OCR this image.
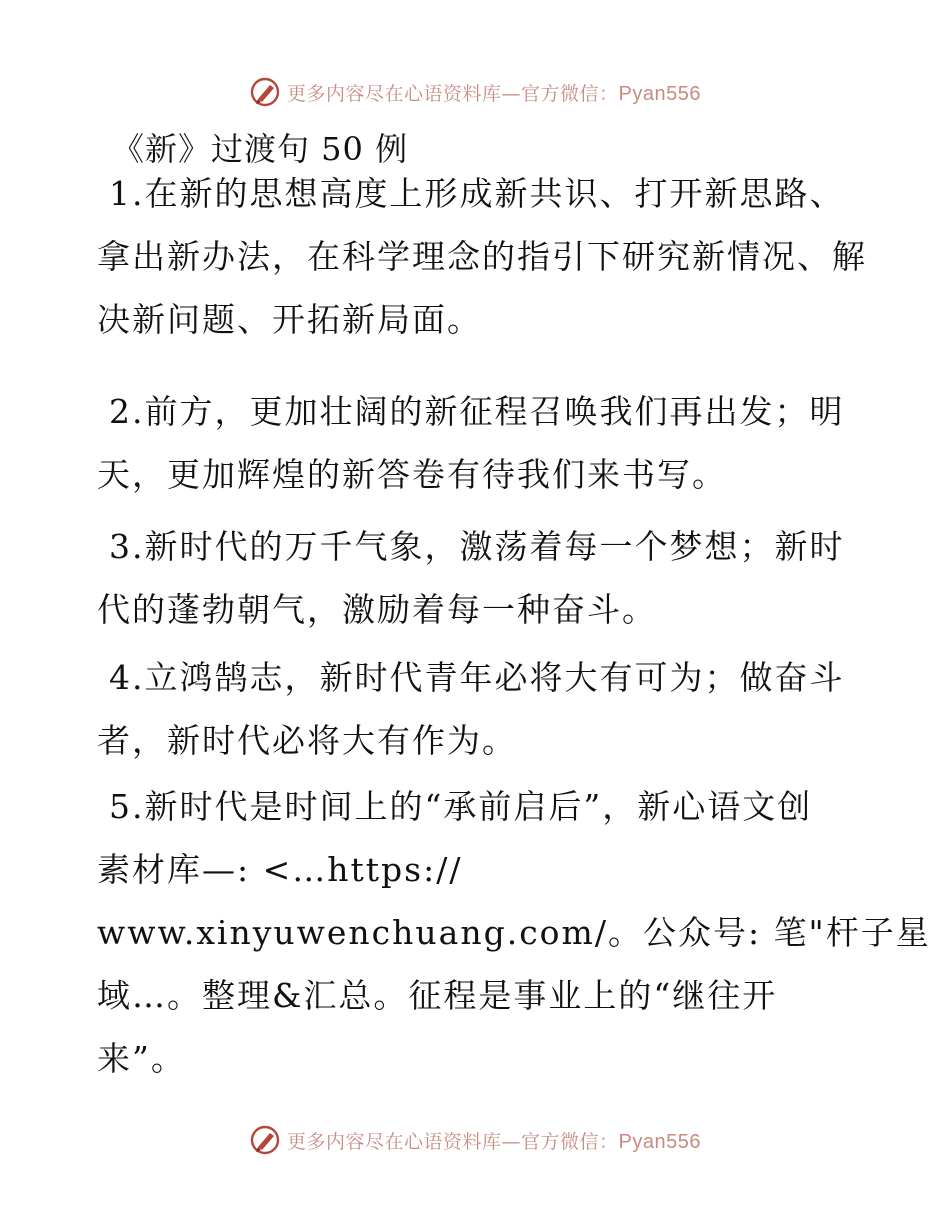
更多内容尽在心语资料库—官方微信：Pyan556
《新》过渡句 50 例
1.在新的思想高度上形成新共识、打开新思路、
拿出新办法，在科学理念的指引下研究新情况、解
决新问题、开拓新局面。
2.前方，更加壮阔的新征程召唤我们再出发；明
天，更加辉煌的新答卷有待我们来书写。
3.新时代的万千气象，激荡着每一个梦想；新时
代的蓬勃朝气，激励着每一种奋斗。
4.立鸿鹄志，新时代青年必将大有可为；做奋斗
者，新时代必将大有作为。
5.新时代是时间上的“承前启后”，新心语文创
素材库—: <…https://
www.xinyuwenchuang.com/。公众号: 笔"杆子星
域…。整理&汇总。征程是事业上的“继往开
来”。
更多内容尽在心语资料库—官方微信：Pyan556
